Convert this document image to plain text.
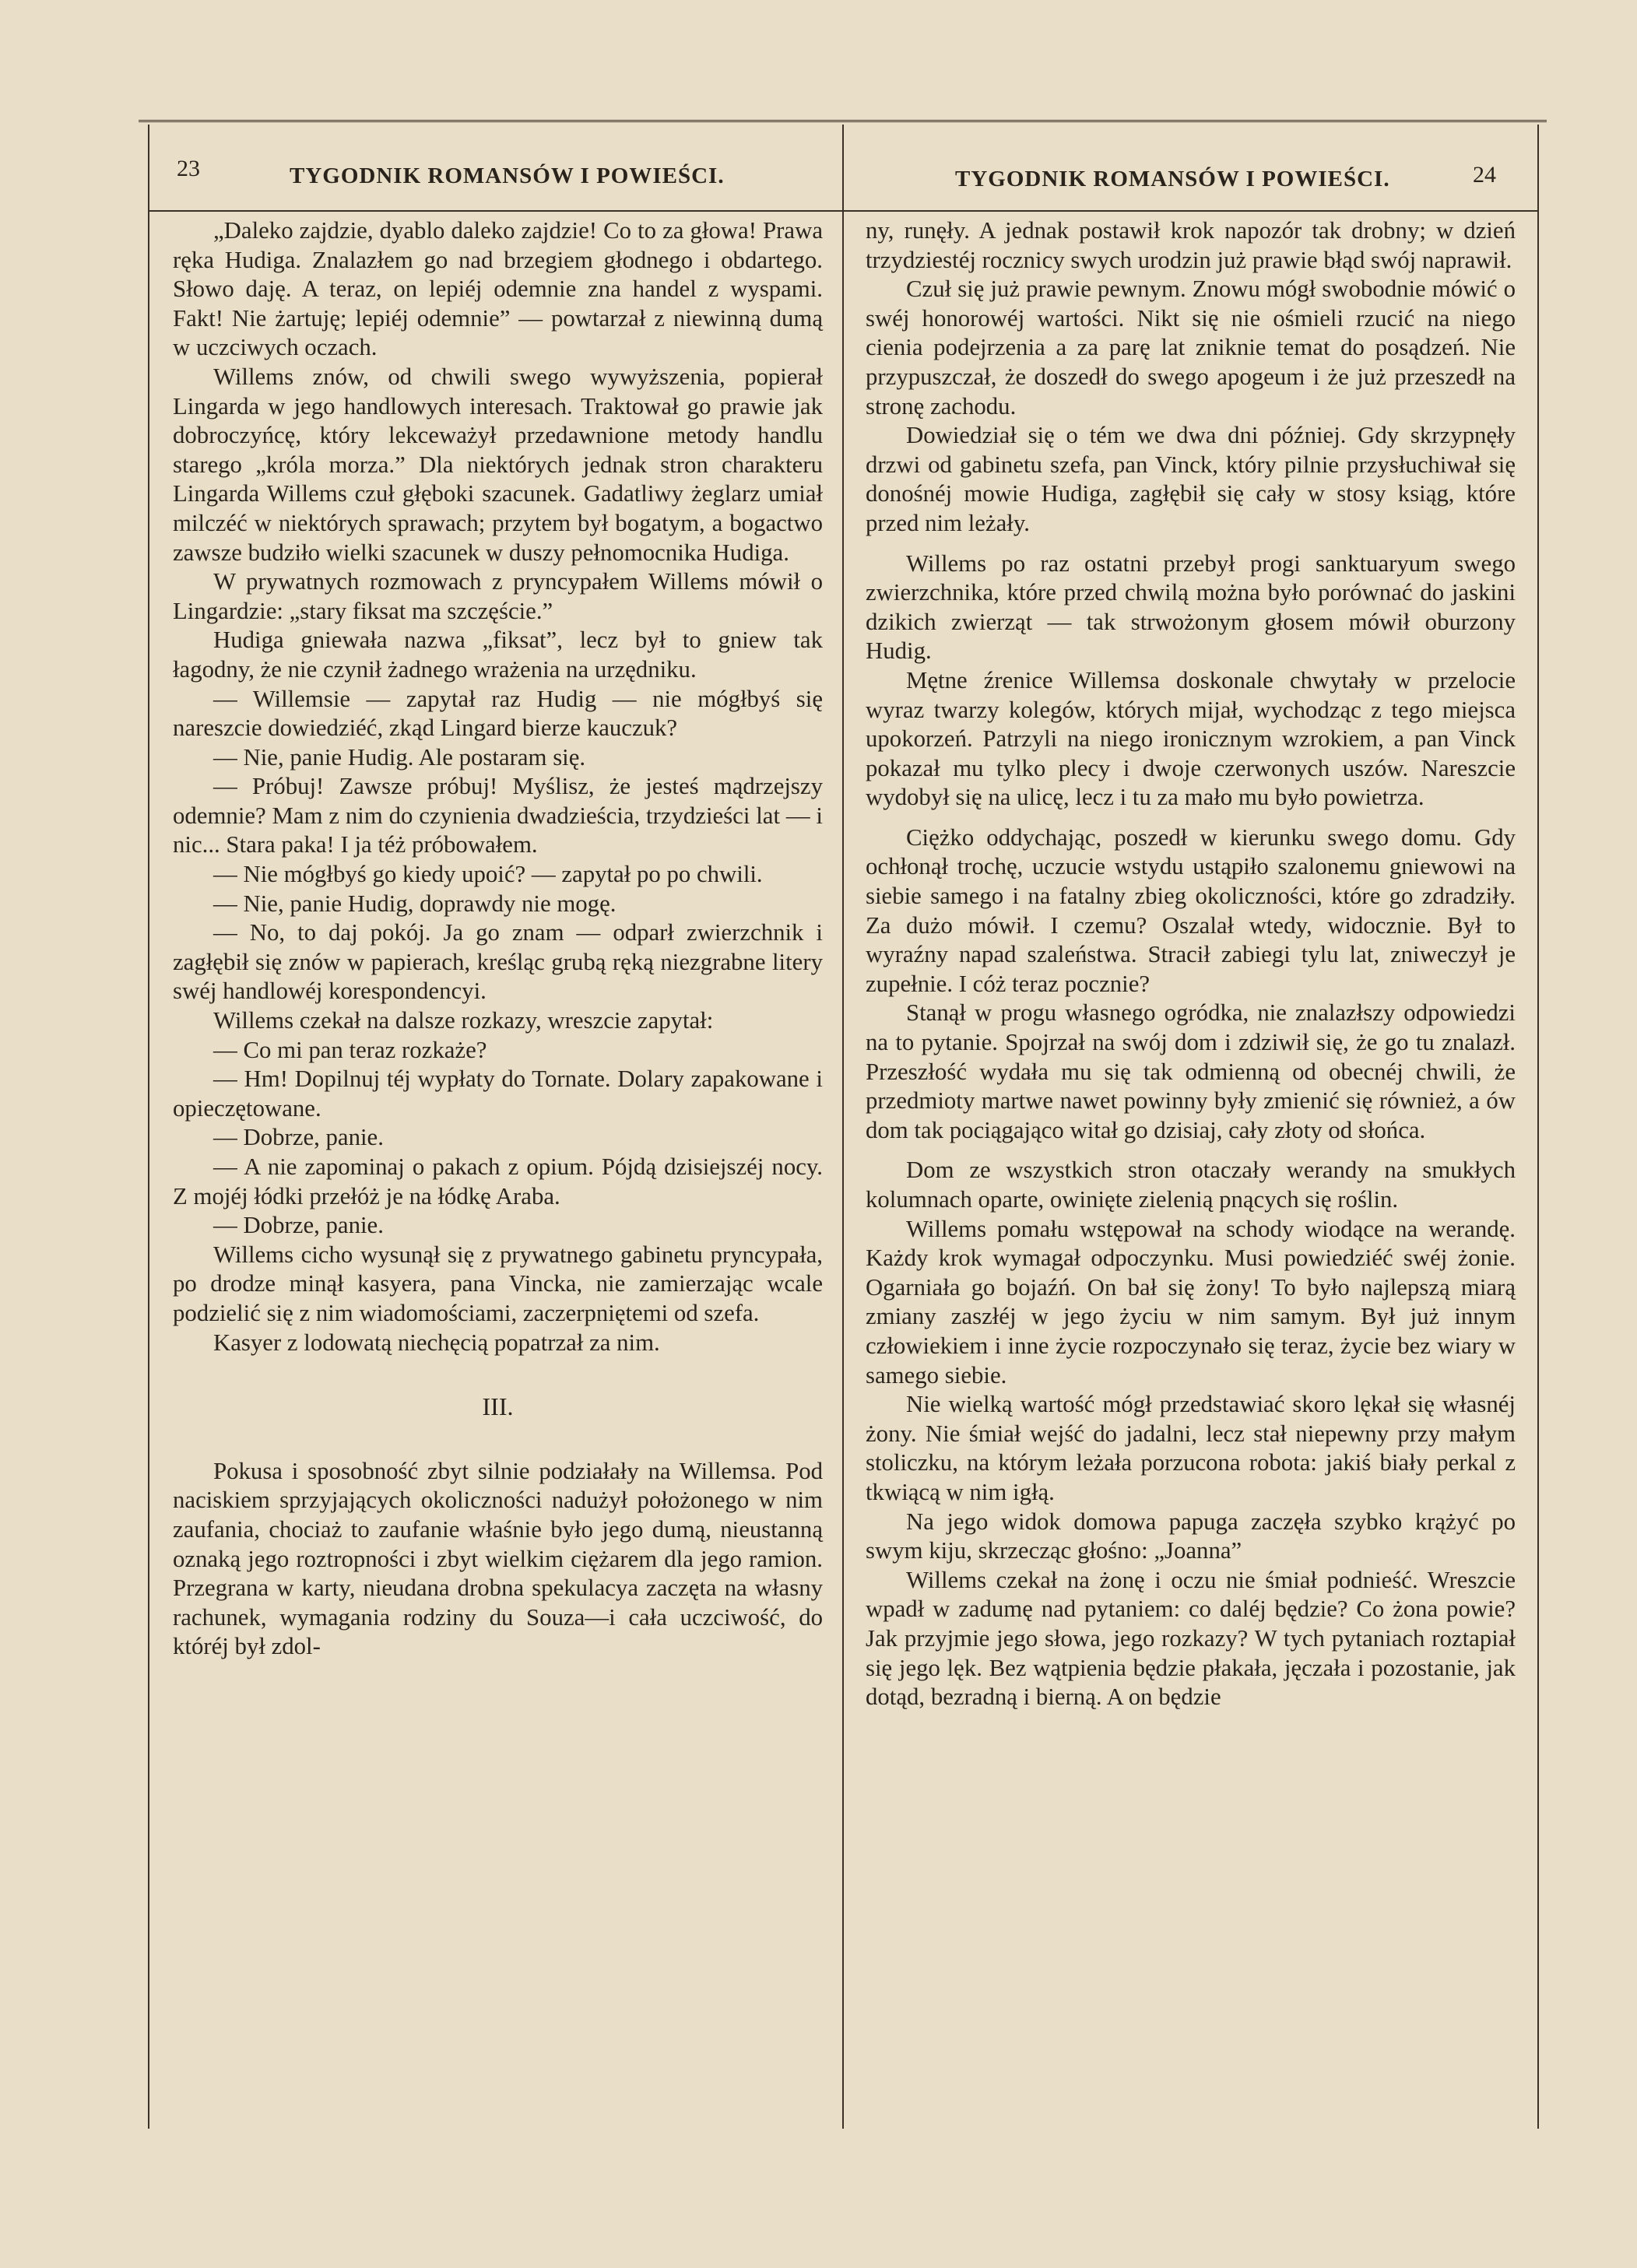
23	TYGODNIK ROMANSÓW I POWIEŚCI.	TYGODNIK ROMANSÓW I POWIEŚCI.	24

„Daleko zajdzie, dyablo daleko zajdzie! Co to za głowa! Prawa ręka Hudiga. Znalazłem go nad brzegiem głodnego i obdartego. Słowo daję. A teraz, on lepiéj odemnie zna handel z wyspami. Fakt! Nie żartuję; lepiéj odemnie” — powtarzał z niewinną dumą w uczciwych oczach.

Willems znów, od chwili swego wywyższenia, popierał Lingarda w jego handlowych interesach. Traktował go prawie jak dobroczyńcę, który lekceważył przedawnione metody handlu starego „króla morza.” Dla niektórych jednak stron charakteru Lingarda Willems czuł głęboki szacunek. Gadatliwy żeglarz umiał milczéć w niektórych sprawach; przytem był bogatym, a bogactwo zawsze budziło wielki szacunek w duszy pełnomocnika Hudiga.

W prywatnych rozmowach z pryncypałem Willems mówił o Lingardzie: „stary fiksat ma szczęście.”

Hudiga gniewała nazwa „fiksat”, lecz był to gniew tak łagodny, że nie czynił żadnego wrażenia na urzędniku.

— Willemsie — zapytał raz Hudig — nie mógłbyś się nareszcie dowiedziéć, zkąd Lingard bierze kauczuk?

— Nie, panie Hudig. Ale postaram się.

— Próbuj! Zawsze próbuj! Myślisz, że jesteś mądrzejszy odemnie? Mam z nim do czynienia dwadzieścia, trzydzieści lat — i nic... Stara paka! I ja téż próbowałem.

— Nie mógłbyś go kiedy upoić? — zapytał po po chwili.

— Nie, panie Hudig, doprawdy nie mogę.

— No, to daj pokój. Ja go znam — odparł zwierzchnik i zagłębił się znów w papierach, kreśląc grubą ręką niezgrabne litery swéj handlowéj korespondencyi.

Willems czekał na dalsze rozkazy, wreszcie zapytał:

— Co mi pan teraz rozkaże?

— Hm! Dopilnuj téj wypłaty do Tornate. Dolary zapakowane i opieczętowane.

— Dobrze, panie.

— A nie zapominaj o pakach z opium. Pójdą dzisiejszéj nocy. Z mojéj łódki przełóż je na łódkę Araba.

— Dobrze, panie.

Willems cicho wysunął się z prywatnego gabinetu pryncypała, po drodze minął kasyera, pana Vincka, nie zamierzając wcale podzielić się z nim wiadomościami, zaczerpniętemi od szefa.

Kasyer z lodowatą niechęcią popatrzał za nim.

III.

Pokusa i sposobność zbyt silnie podziałały na Willemsa. Pod naciskiem sprzyjających okoliczności nadużył położonego w nim zaufania, chociaż to zaufanie właśnie było jego dumą, nieustanną oznaką jego roztropności i zbyt wielkim ciężarem dla jego ramion. Przegrana w karty, nieudana drobna spekulacya zaczęta na własny rachunek, wymagania rodziny du Souza—i cała uczciwość, do któréj był zdol-

ny, runęły. A jednak postawił krok napozór tak drobny; w dzień trzydziestéj rocznicy swych urodzin już prawie błąd swój naprawił.

Czuł się już prawie pewnym. Znowu mógł swobodnie mówić o swéj honorowéj wartości. Nikt się nie ośmieli rzucić na niego cienia podejrzenia a za parę lat zniknie temat do posądzeń. Nie przypuszczał, że doszedł do swego apogeum i że już przeszedł na stronę zachodu.

Dowiedział się o tém we dwa dni później. Gdy skrzypnęły drzwi od gabinetu szefa, pan Vinck, który pilnie przysłuchiwał się donośnéj mowie Hudiga, zagłębił się cały w stosy ksiąg, które przed nim leżały.

Willems po raz ostatni przebył progi sanktuaryum swego zwierzchnika, które przed chwilą można było porównać do jaskini dzikich zwierząt — tak strwożonym głosem mówił oburzony Hudig.

Mętne źrenice Willemsa doskonale chwytały w przelocie wyraz twarzy kolegów, których mijał, wychodząc z tego miejsca upokorzeń. Patrzyli na niego ironicznym wzrokiem, a pan Vinck pokazał mu tylko plecy i dwoje czerwonych uszów. Nareszcie wydobył się na ulicę, lecz i tu za mało mu było powietrza.

Ciężko oddychając, poszedł w kierunku swego domu. Gdy ochłonął trochę, uczucie wstydu ustąpiło szalonemu gniewowi na siebie samego i na fatalny zbieg okoliczności, które go zdradziły. Za dużo mówił. I czemu? Oszalał wtedy, widocznie. Był to wyraźny napad szaleństwa. Stracił zabiegi tylu lat, zniweczył je zupełnie. I cóż teraz pocznie?

Stanął w progu własnego ogródka, nie znalazłszy odpowiedzi na to pytanie. Spojrzał na swój dom i zdziwił się, że go tu znalazł. Przeszłość wydała mu się tak odmienną od obecnéj chwili, że przedmioty martwe nawet powinny były zmienić się również, a ów dom tak pociągająco witał go dzisiaj, cały złoty od słońca.

Dom ze wszystkich stron otaczały werandy na smukłych kolumnach oparte, owinięte zielenią pnących się roślin.

Willems pomału wstępował na schody wiodące na werandę. Każdy krok wymagał odpoczynku. Musi powiedziéć swéj żonie. Ogarniała go bojaźń. On bał się żony! To było najlepszą miarą zmiany zaszłéj w jego życiu w nim samym. Był już innym człowiekiem i inne życie rozpoczynało się teraz, życie bez wiary w samego siebie.

Nie wielką wartość mógł przedstawiać skoro lękał się własnéj żony. Nie śmiał wejść do jadalni, lecz stał niepewny przy małym stoliczku, na którym leżała porzucona robota: jakiś biały perkal z tkwiącą w nim igłą.

Na jego widok domowa papuga zaczęła szybko krążyć po swym kiju, skrzecząc głośno: „Joanna”

Willems czekał na żonę i oczu nie śmiał podnieść. Wreszcie wpadł w zadumę nad pytaniem: co daléj będzie? Co żona powie? Jak przyjmie jego słowa, jego rozkazy? W tych pytaniach roztapiał się jego lęk. Bez wątpienia będzie płakała, jęczała i pozostanie, jak dotąd, bezradną i bierną. A on będzie
